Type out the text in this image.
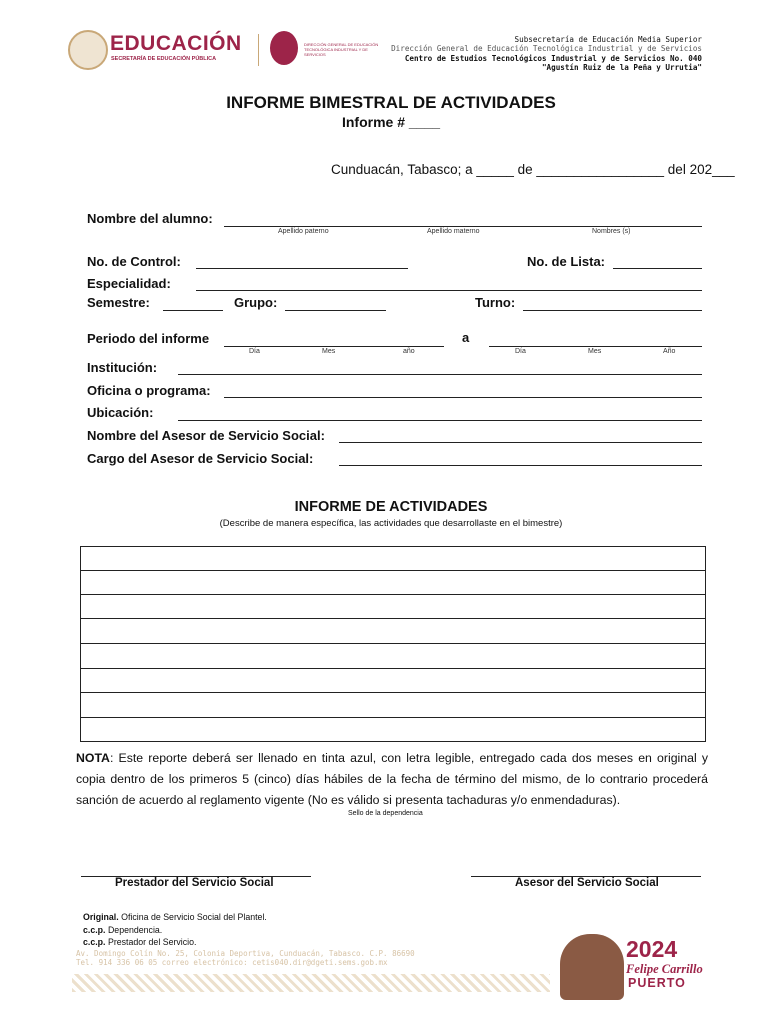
EDUCACIÓN
SECRETARÍA DE EDUCACIÓN PÚBLICA
DIRECCIÓN GENERAL DE EDUCACIÓN TECNOLÓGICA INDUSTRIAL Y DE SERVICIOS
Subsecretaría de Educación Media Superior
Dirección General de Educación Tecnológica Industrial y de Servicios
Centro de Estudios Tecnológicos Industrial y de Servicios No. 040
"Agustín Ruiz de la Peña y Urrutia"
INFORME BIMESTRAL DE ACTIVIDADES
Informe # ____
Cunduacán, Tabasco; a _____ de _________________ del 202___
Nombre del alumno:
Apellido paterno	Apellido materno	Nombres (s)
No. de Control:	No. de Lista:
Especialidad:
Semestre:	Grupo:	Turno:
Periodo del informe
Día	Mes	año
a
Día	Mes	Año
Institución:
Oficina o programa:
Ubicación:
Nombre del Asesor de Servicio Social:
Cargo del Asesor de Servicio Social:
INFORME DE ACTIVIDADES
(Describe de manera específica, las actividades que desarrollaste en el bimestre)
NOTA: Este reporte deberá ser llenado en tinta azul, con letra legible, entregado cada dos meses en original y copia dentro de los primeros 5 (cinco) días hábiles de la fecha de término del mismo, de lo contrario procederá sanción de acuerdo al reglamento vigente (No es válido si presenta tachaduras y/o enmendaduras).
Sello de la dependencia
Prestador del Servicio Social	Asesor del Servicio Social
Original. Oficina de Servicio Social del Plantel.
c.c.p. Dependencia.
c.c.p. Prestador del Servicio.
Av. Domingo Colín No. 25, Colonia Deportiva, Cunduacán, Tabasco. C.P. 86690
Tel. 914 336 06 05 correo electrónico: cetis040.dir@dgeti.sems.gob.mx
2024
Felipe Carrillo
PUERTO
